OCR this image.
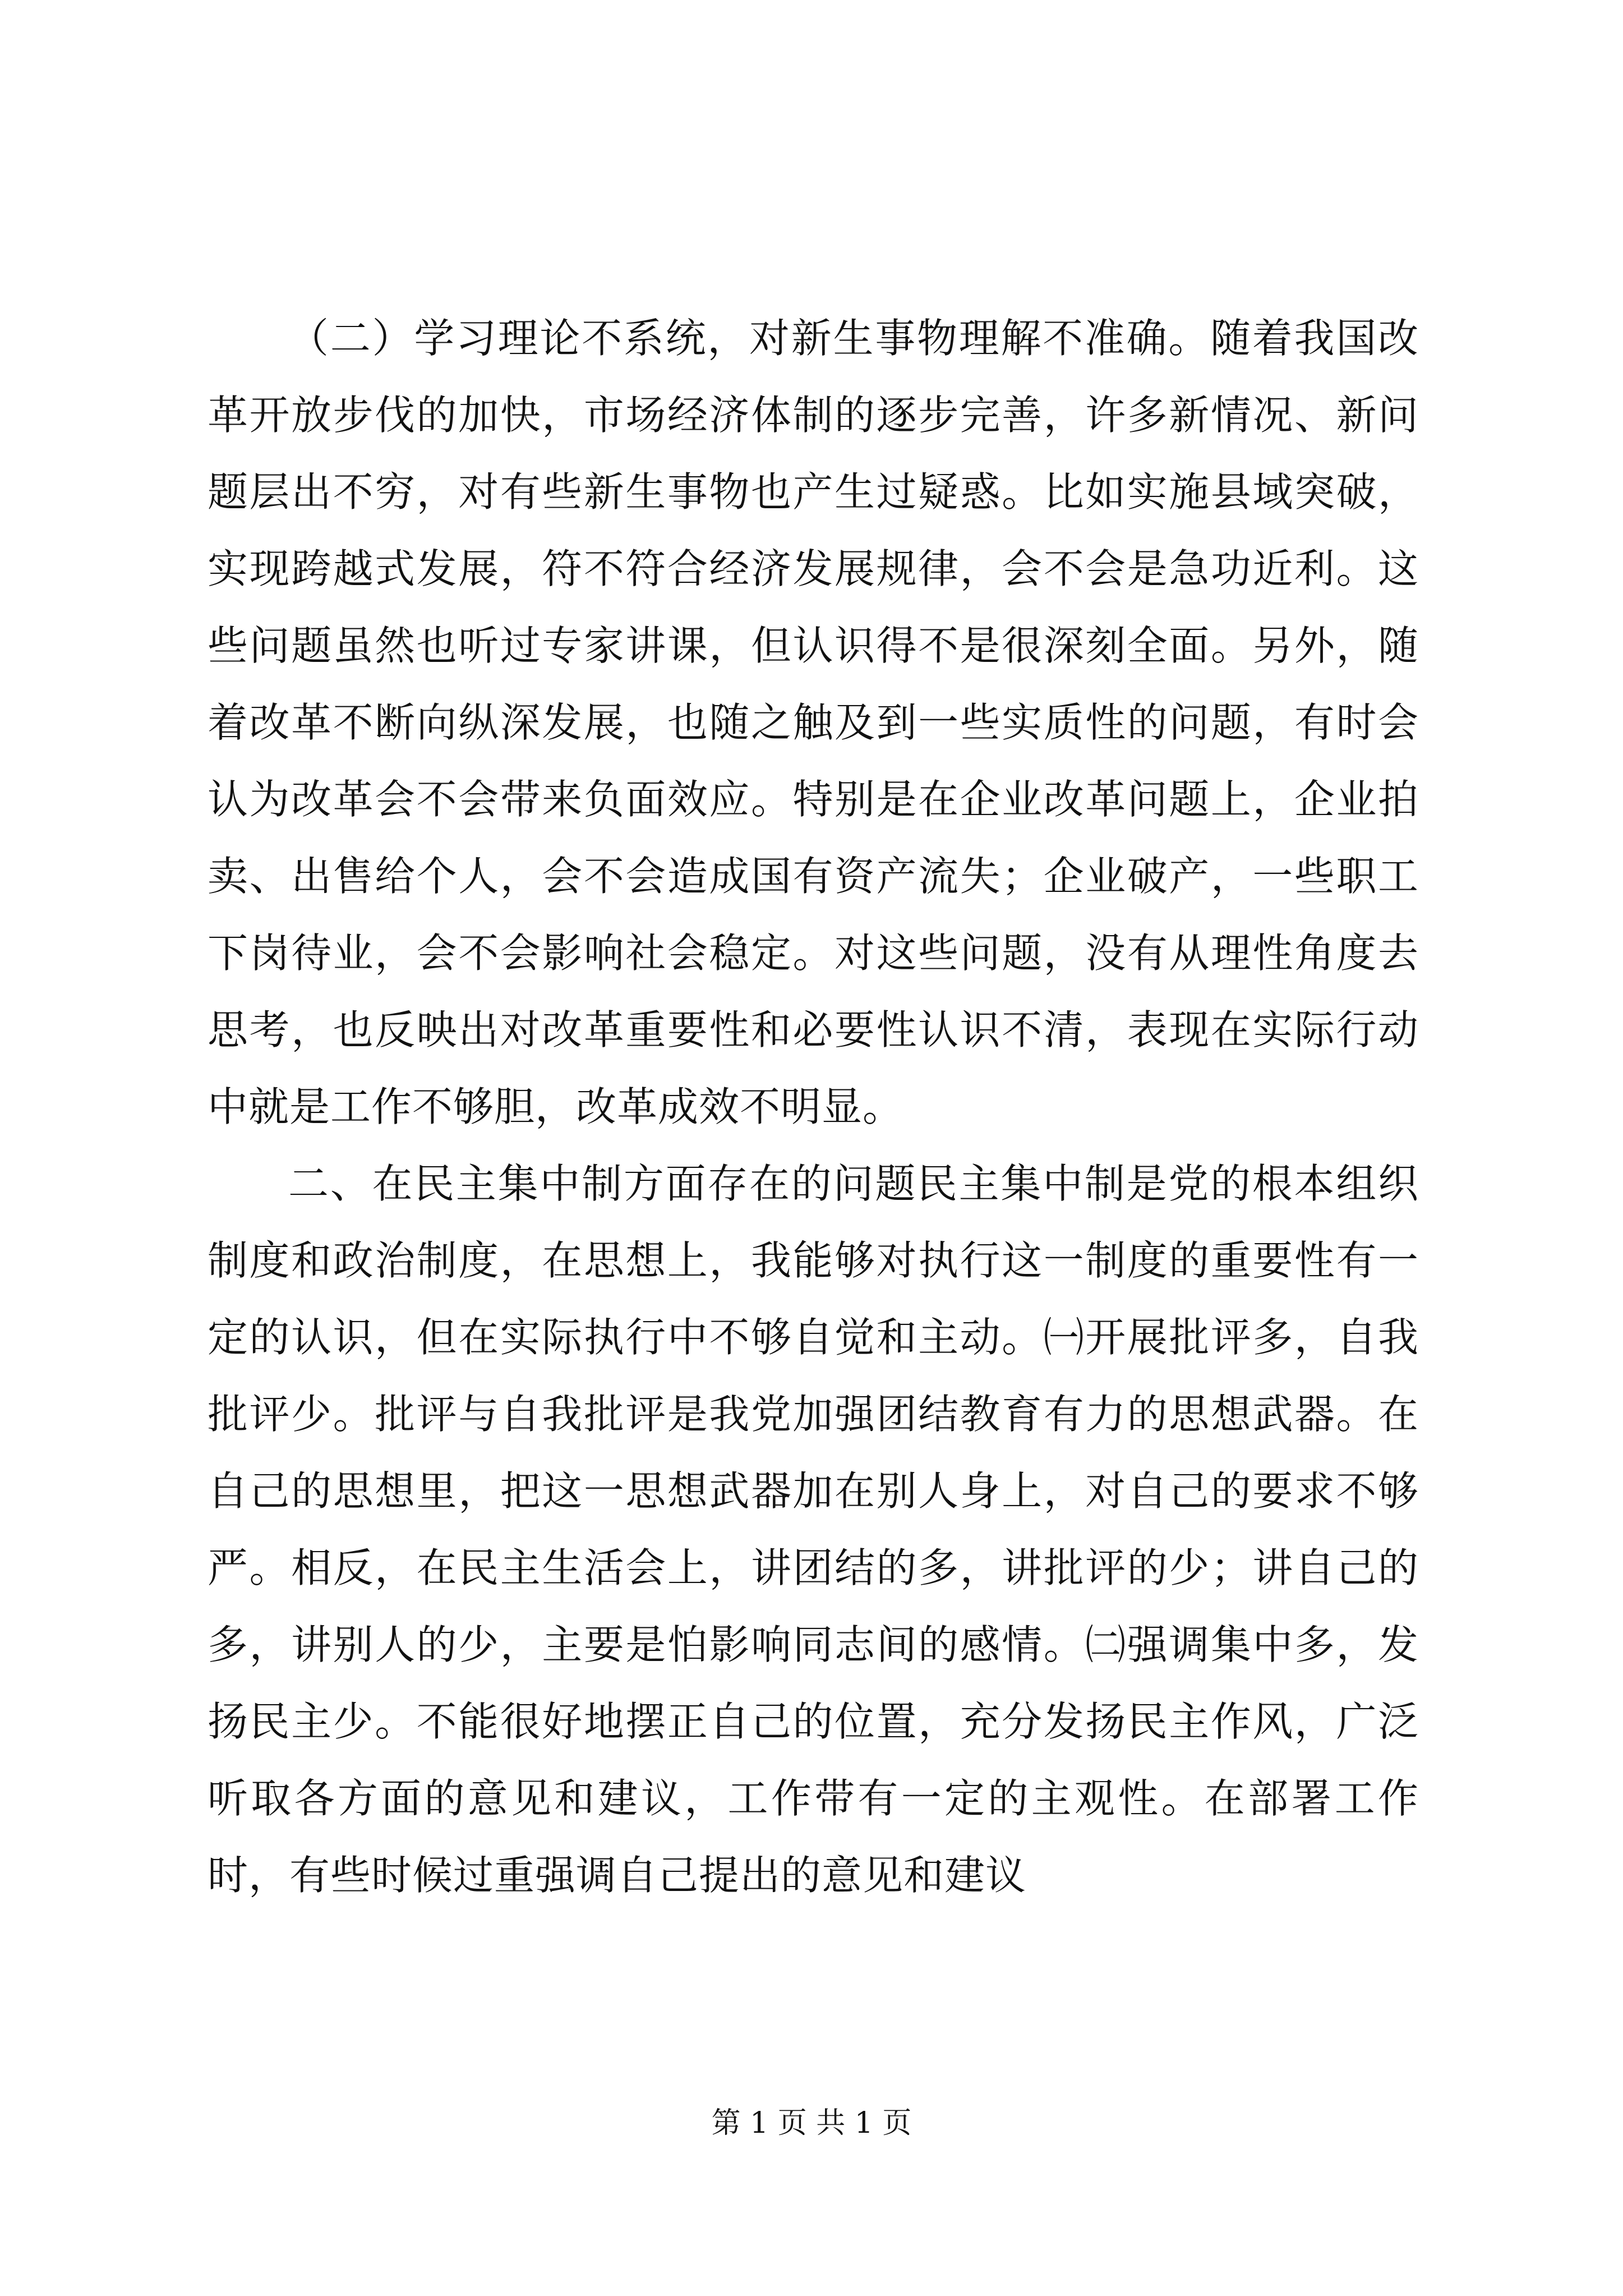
（二）学习理论不系统，对新生事物理解不准确。随着我国改革开放步伐的加快，市场经济体制的逐步完善，许多新情况、新问题层出不穷，对有些新生事物也产生过疑惑。比如实施县域突破，实现跨越式发展，符不符合经济发展规律，会不会是急功近利。这些问题虽然也听过专家讲课，但认识得不是很深刻全面。另外，随着改革不断向纵深发展，也随之触及到一些实质性的问题，有时会认为改革会不会带来负面效应。特别是在企业改革问题上，企业拍卖、出售给个人，会不会造成国有资产流失；企业破产，一些职工下岗待业，会不会影响社会稳定。对这些问题，没有从理性角度去思考，也反映出对改革重要性和必要性认识不清，表现在实际行动中就是工作不够胆，改革成效不明显。

二、在民主集中制方面存在的问题民主集中制是党的根本组织制度和政治制度，在思想上，我能够对执行这一制度的重要性有一定的认识，但在实际执行中不够自觉和主动。㈠开展批评多，自我批评少。批评与自我批评是我党加强团结教育有力的思想武器。在自己的思想里，把这一思想武器加在别人身上，对自己的要求不够严。相反，在民主生活会上，讲团结的多，讲批评的少；讲自己的多，讲别人的少，主要是怕影响同志间的感情。㈡强调集中多，发扬民主少。不能很好地摆正自己的位置，充分发扬民主作风，广泛听取各方面的意见和建议，工作带有一定的主观性。在部署工作时，有些时候过重强调自己提出的意见和建议

第 1 页 共 1 页
